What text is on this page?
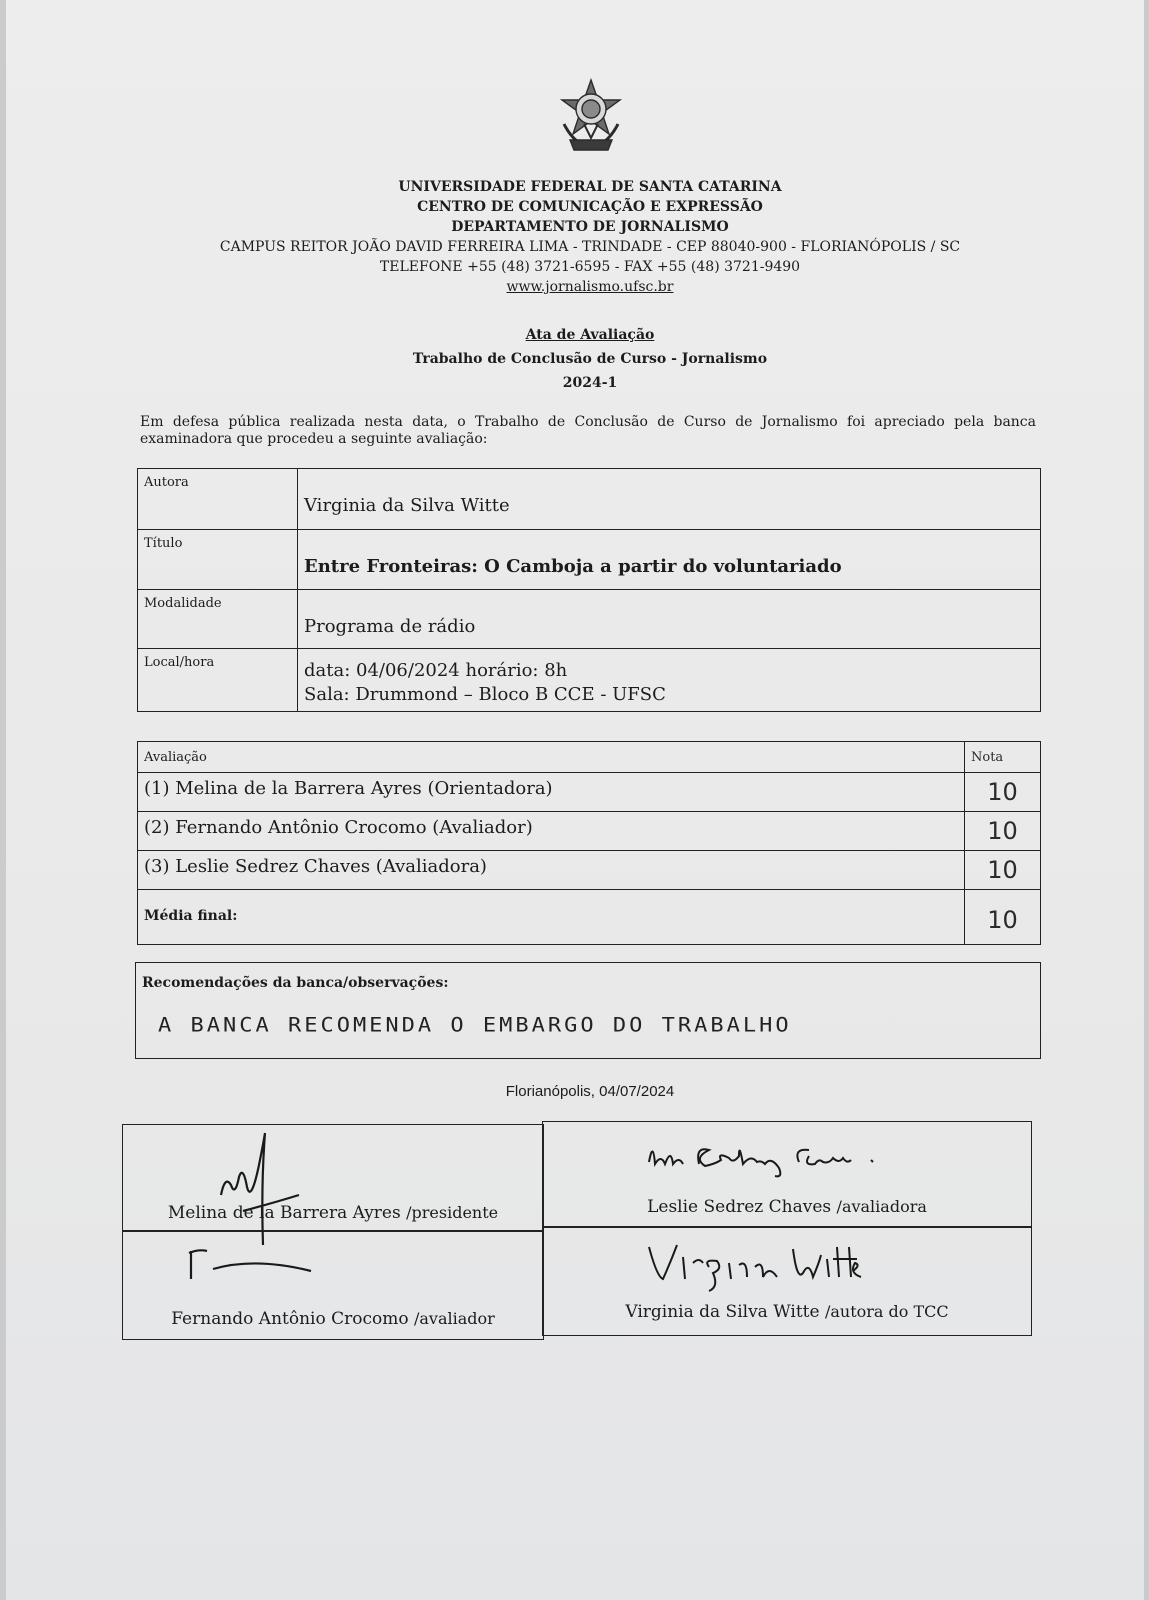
UNIVERSIDADE FEDERAL DE SANTA CATARINA
CENTRO DE COMUNICAÇÃO E EXPRESSÃO
DEPARTAMENTO DE JORNALISMO
CAMPUS REITOR JOÃO DAVID FERREIRA LIMA - TRINDADE - CEP 88040-900 - FLORIANÓPOLIS / SC
TELEFONE +55 (48) 3721-6595 - FAX +55 (48) 3721-9490
www.jornalismo.ufsc.br
Ata de Avaliação
Trabalho de Conclusão de Curso - Jornalismo
2024-1
Em defesa pública realizada nesta data, o Trabalho de Conclusão de Curso de Jornalismo foi apreciado pela banca examinadora que procedeu a seguinte avaliação:
Autora	Virginia da Silva Witte
Título	Entre Fronteiras: O Camboja a partir do voluntariado
Modalidade	Programa de rádio
Local/hora	data: 04/06/2024 horário: 8h
Sala: Drummond – Bloco B CCE - UFSC
Avaliação	Nota
(1) Melina de la Barrera Ayres (Orientadora)	10
(2) Fernando Antônio Crocomo (Avaliador)	10
(3) Leslie Sedrez Chaves (Avaliadora)	10
Média final:	10
Recomendações da banca/observações:
A BANCA RECOMENDA O EMBARGO DO TRABALHO
Florianópolis, 04/07/2024
Melina de la Barrera Ayres /presidente	Leslie Sedrez Chaves /avaliadora
Fernando Antônio Crocomo /avaliador	Virginia da Silva Witte /autora do TCC
